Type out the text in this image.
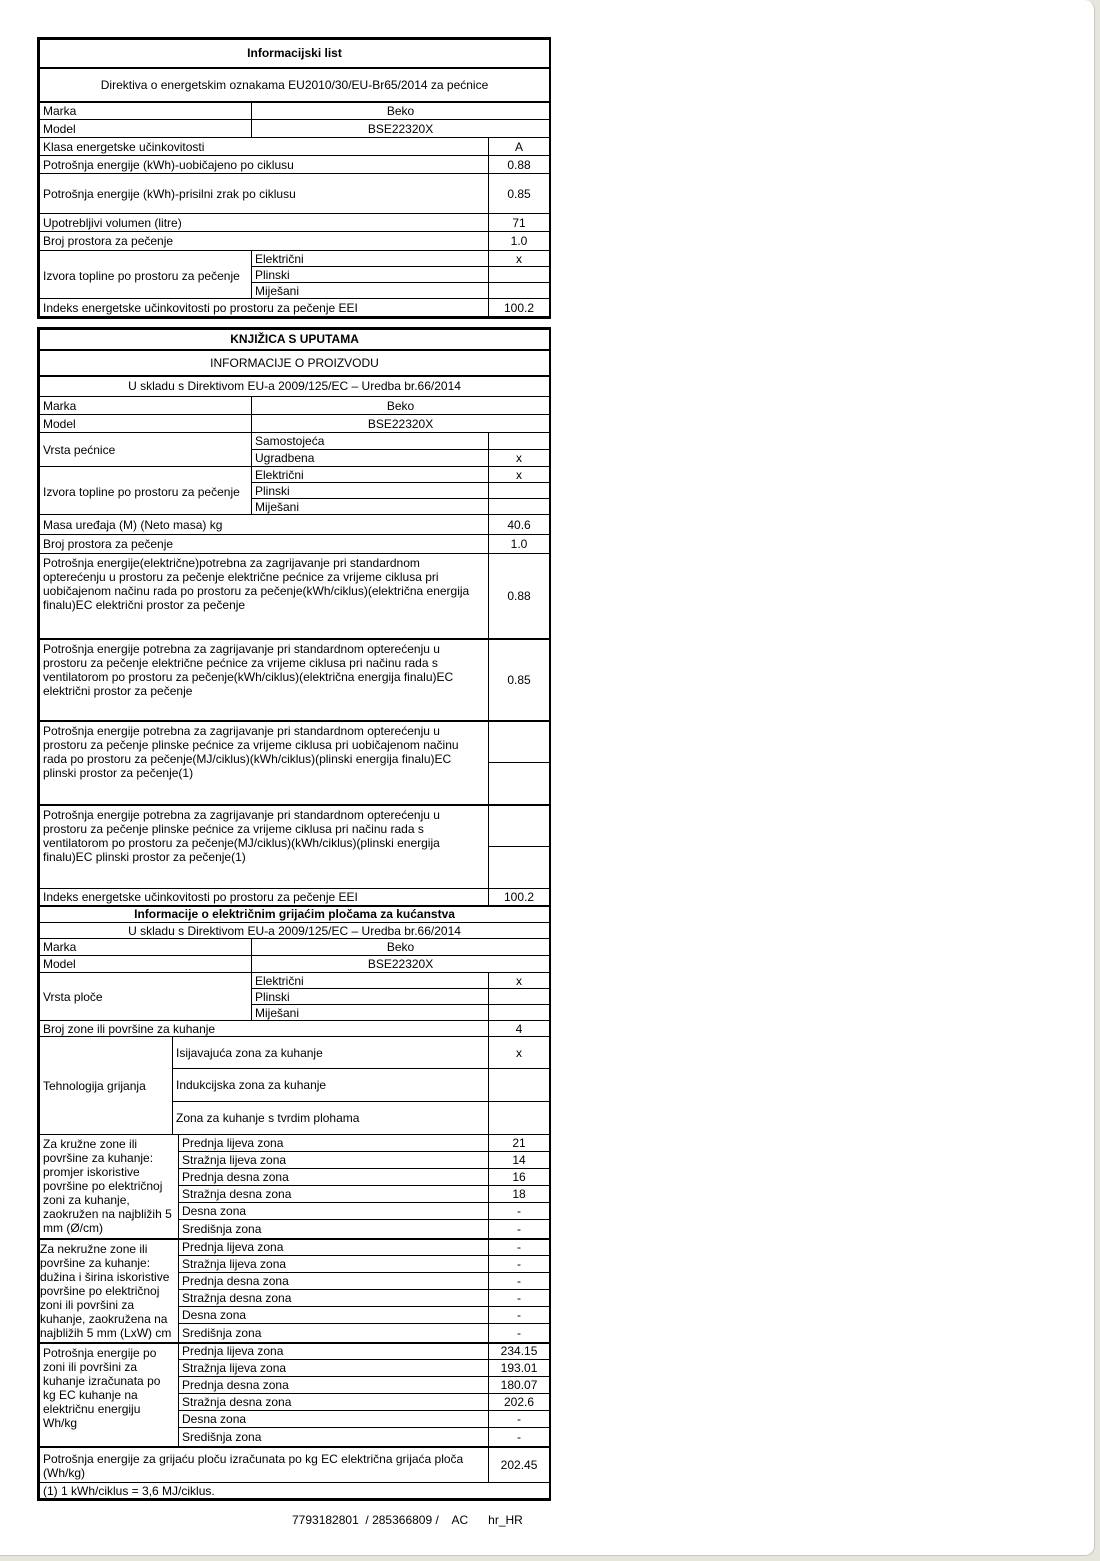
Informacijski list		
Direktiva o energetskim oznakama EU2010/30/EU-Br65/2014 za pećnice		
Marka	Beko	
Model	BSE22320X	
Klasa energetske učinkovitosti		A
Potrošnja energije (kWh)-uobičajeno po ciklusu		0.88
Potrošnja energije (kWh)-prisilni zrak po ciklusu		0.85
Upotrebljivi volumen (litre)		71
Broj prostora za pečenje		1.0
Izvora topline po prostoru za pečenje	Električni	x
	Plinski	
	Miješani	
Indeks energetske učinkovitosti po prostoru za pečenje EEI		100.2
KNJIŽICA S UPUTAMA				
INFORMACIJE O PROIZVODU				
U skladu s Direktivom EU-a 2009/125/EC – Uredba br.66/2014				
Marka			Beko	
Model			BSE22320X	
Vrsta pećnice			Samostojeća	
			Ugradbena	x
Izvora topline po prostoru za pečenje			Električni	x
			Plinski	
			Miješani	
Masa uređaja (M) (Neto masa) kg				40.6
Broj prostora za pečenje				1.0
Potrošnja energije(električne)potrebna za zagrijavanje pri standardnom opterećenju u prostoru za pečenje električne pećnice za vrijeme ciklusa pri uobičajenom načinu rada po prostoru za pečenje(kWh/ciklus)(električna energija finalu)EC električni prostor za pečenje				0.88
Potrošnja energije potrebna za zagrijavanje pri standardnom opterećenju u prostoru za pečenje električne pećnice za vrijeme ciklusa pri načinu rada s ventilatorom po prostoru za pečenje(kWh/ciklus)(električna energija finalu)EC električni prostor za pečenje				0.85
Potrošnja energije potrebna za zagrijavanje pri standardnom opterećenju u prostoru za pečenje plinske pećnice za vrijeme ciklusa pri uobičajenom načinu rada po prostoru za pečenje(MJ/ciklus)(kWh/ciklus)(plinski energija finalu)EC plinski prostor za pečenje(1)				

Potrošnja energije potrebna za zagrijavanje pri standardnom opterećenju u prostoru za pečenje plinske pećnice za vrijeme ciklusa pri načinu rada s ventilatorom po prostoru za pečenje(MJ/ciklus)(kWh/ciklus)(plinski energija finalu)EC plinski prostor za pečenje(1)				

Indeks energetske učinkovitosti po prostoru za pečenje EEI				100.2
Informacije o električnim grijaćim pločama za kućanstva				
U skladu s Direktivom EU-a 2009/125/EC – Uredba br.66/2014				
Marka			Beko	
Model			BSE22320X	
Vrsta ploče			Električni	x
			Plinski	
			Miješani	
Broj zone ili površine za kuhanje				4
Tehnologija grijanja	Isijavajuća zona za kuhanje			x
	Indukcijska zona za kuhanje			
	Zona za kuhanje s tvrdim plohama			
Za kružne zone ili površine za kuhanje: promjer iskoristive površine po električnoj zoni za kuhanje, zaokružen na najbližih 5 mm (Ø/cm)		Prednja lijeva zona		21
		Stražnja lijeva zona		14
		Prednja desna zona		16
		Stražnja desna zona		18
		Desna zona		-
		Središnja zona		-
Za nekružne zone ili površine za kuhanje: dužina i širina iskoristive površine po električnoj zoni ili površini za kuhanje, zaokružena na najbližih 5 mm (LxW) cm		Prednja lijeva zona		-
		Stražnja lijeva zona		-
		Prednja desna zona		-
		Stražnja desna zona		-
		Desna zona		-
		Središnja zona		-
Potrošnja energije po zoni ili površini za kuhanje izračunata po kg EC kuhanje na električnu energiju Wh/kg		Prednja lijeva zona		234.15
		Stražnja lijeva zona		193.01
		Prednja desna zona		180.07
		Stražnja desna zona		202.6
		Desna zona		-
		Središnja zona		-
Potrošnja energije za grijaću ploču izračunata po kg EC električna grijaća ploča (Wh/kg)				202.45
(1) 1 kWh/ciklus = 3,6 MJ/ciklus.				
7793182801  / 285366809 /    AC      hr_HR
